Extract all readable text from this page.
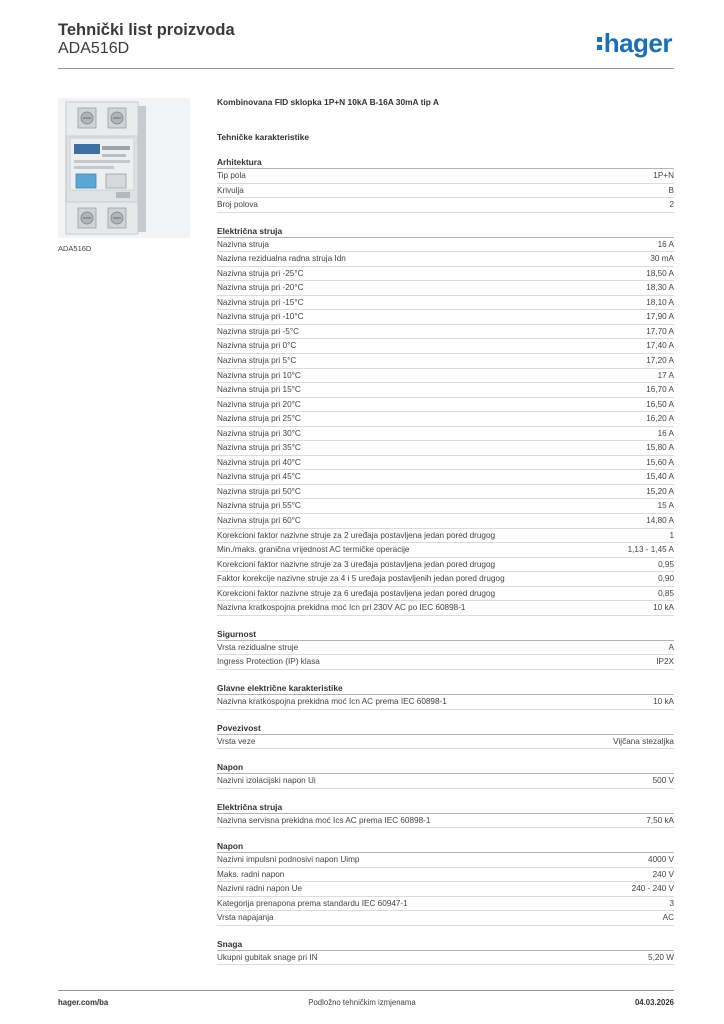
Tehnički list proizvoda
ADA516D	hager
ADA516D
Kombinovana FID sklopka 1P+N 10kA B-16A 30mA tip A
Tehničke karakteristike
Arhitektura
Tip pola	1P+N
Krivulja	B
Broj polova	2
Električna struja
Nazivna struja	16 A
Nazivna rezidualna radna struja Idn	30 mA
Nazivna struja pri -25°C	18,50 A
Nazivna struja pri -20°C	18,30 A
Nazivna struja pri -15°C	18,10 A
Nazivna struja pri -10°C	17,90 A
Nazivna struja pri -5°C	17,70 A
Nazivna struja pri 0°C	17,40 A
Nazivna struja pri 5°C	17,20 A
Nazivna struja pri 10°C	17 A
Nazivna struja pri 15°C	16,70 A
Nazivna struja pri 20°C	16,50 A
Nazivna struja pri 25°C	16,20 A
Nazivna struja pri 30°C	16 A
Nazivna struja pri 35°C	15,80 A
Nazivna struja pri 40°C	15,60 A
Nazivna struja pri 45°C	15,40 A
Nazivna struja pri 50°C	15,20 A
Nazivna struja pri 55°C	15 A
Nazivna struja pri 60°C	14,80 A
Korekcioni faktor nazivne struje za 2 uređaja postavljena jedan pored drugog	1
Min./maks. granična vrijednost AC termičke operacije	1,13 - 1,45 A
Korekcioni faktor nazivne struje za 3 uređaja postavljena jedan pored drugog	0,95
Faktor korekcije nazivne struje za 4 i 5 uređaja postavljenih jedan pored drugog	0,90
Korekcioni faktor nazivne struje za 6 uređaja postavljena jedan pored drugog	0,85
Nazivna kratkospojna prekidna moć Icn pri 230V AC po IEC 60898-1	10 kA
Sigurnost
Vrsta rezidualne struje	A
Ingress Protection (IP) klasa	IP2X
Glavne električne karakteristike
Nazivna kratkospojna prekidna moć Icn AC prema IEC 60898-1	10 kA
Povezivost
Vrsta veze	Vijčana stezaljka
Napon
Nazivni izolacijski napon Ui	500 V
Električna struja
Nazivna servisna prekidna moć Ics AC prema IEC 60898-1	7,50 kA
Napon
Nazivni impulsni podnosivi napon Uimp	4000 V
Maks. radni napon	240 V
Nazivni radni napon Ue	240 - 240 V
Kategorija prenapona prema standardu IEC 60947-1	3
Vrsta napajanja	AC
Snaga
Ukupni gubitak snage pri IN	5,20 W
hager.com/ba	Podložno tehničkim izmjenama	04.03.2026
